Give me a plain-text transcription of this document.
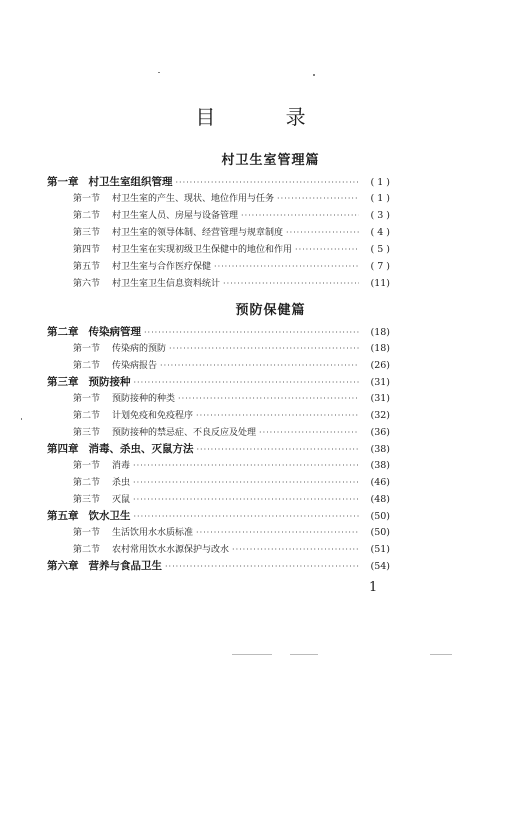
目 录
村卫生室管理篇
第一章 村卫生室组织管理 ·····	( 1 )
第一节 村卫生室的产生、现状、地位作用与任务 ·····	( 1 )
第二节 村卫生室人员、房屋与设备管理 ·····	( 3 )
第三节 村卫生室的领导体制、经营管理与规章制度 ·····	( 4 )
第四节 村卫生室在实现初级卫生保健中的地位和作用 ·····	( 5 )
第五节 村卫生室与合作医疗保健 ·····	( 7 )
第六节 村卫生室卫生信息资料统计 ·····	(11)
预防保健篇
第二章 传染病管理 ·····	(18)
第一节 传染病的预防 ·····	(18)
第二节 传染病报告 ·····	(26)
第三章 预防接种 ·····	(31)
第一节 预防接种的种类 ·····	(31)
第二节 计划免疫和免疫程序 ·····	(32)
第三节 预防接种的禁忌症、不良反应及处理 ·····	(36)
第四章 消毒、杀虫、灭鼠方法 ·····	(38)
第一节 消毒 ·····	(38)
第二节 杀虫 ·····	(46)
第三节 灭鼠 ·····	(48)
第五章 饮水卫生 ·····	(50)
第一节 生活饮用水水质标准 ·····	(50)
第二节 农村常用饮水水源保护与改水 ·····	(51)
第六章 营养与食品卫生 ·····	(54)
1
